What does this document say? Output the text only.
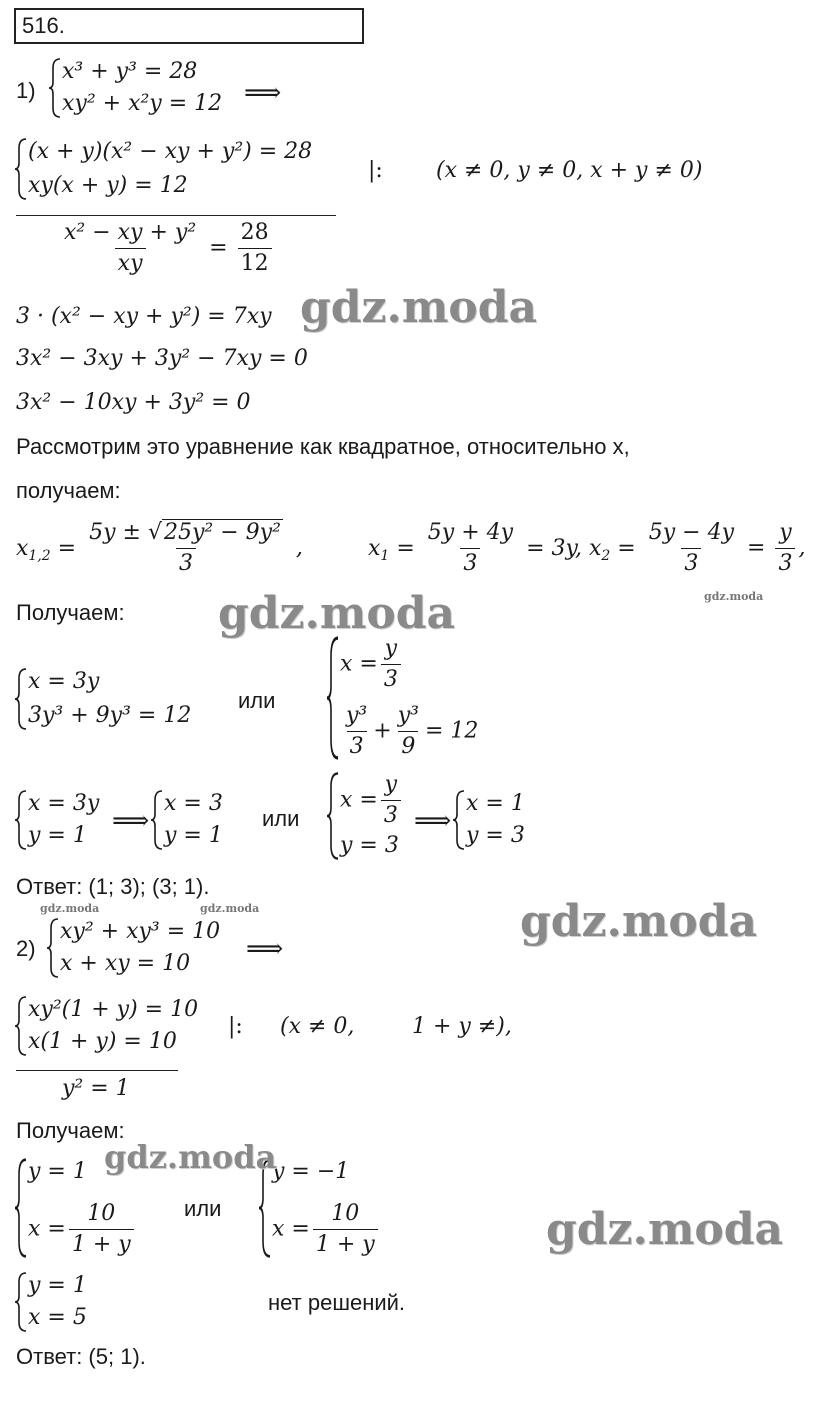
516.
1)
x³ + y³ = 28
xy² + x²y = 12 ⟹
(x + y)(x² − xy + y²) = 28
xy(x + y) = 12
|: (x ≠ 0, y ≠ 0, x + y ≠ 0)
$\frac{\text{x² − xy + y²}}{xy} = \frac{28}{12}$
3 · (x² − xy + y²) = 7xy
3x² − 3xy + 3y² − 7xy = 0
3x² − 10xy + 3y² = 0
Рассмотрим это уравнение как квадратное, относительно x,
получаем:
$x_{1,2} = \frac{\text{5y ± √25y² − 9y²}}{3}$ ,	$x_1 = \frac{5y + 4y}{3} = 3y$, $x_2 = \frac{5y - 4y}{3} = \frac{y}{3}$ ,
Получаем:
x = 3y
3y³ + 9y³ = 12
или
$x = \frac{y}{3}$
$\frac{\text{y³}}{3} + \frac{\text{y³}}{9} = 12$
x = 3y
y = 1 ⟹
x = 3
y = 1
или
$x = \frac{y}{3}$
y = 3
⟹
x = 1
y = 3
Ответ: (1; 3); (3; 1).
2)
xy² + xy³ = 10
x + xy = 10	⟹
xy²(1 + y) = 10
x(1 + y) = 10
|: (x ≠ 0,	1 + y ≠),
y² = 1
Получаем:
y = 1
$x = \frac{10}{1 + y}$ или
y = −1
$x = \frac{10}{1 + y}$
y = 1
x = 5
нет решений.
Ответ: (5; 1).
gdz.moda
gdz.moda	gdz.moda
gdz.moda	gdz.moda	gdz.moda
gdz.moda
gdz.moda
